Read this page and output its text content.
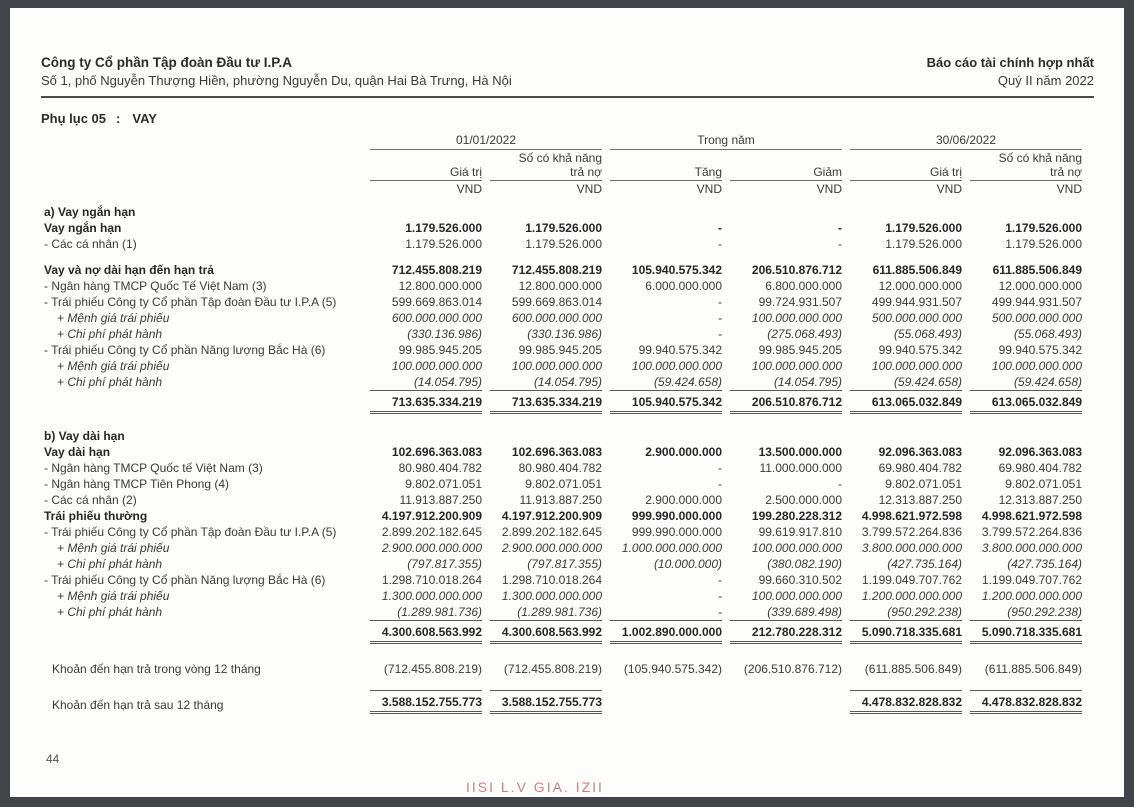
Công ty Cổ phần Tập đoàn Đầu tư I.P.A
Số 1, phố Nguyễn Thượng Hiền, phường Nguyễn Du, quận Hai Bà Trưng, Hà Nội
Báo cáo tài chính hợp nhất
Quý II năm 2022
Phụ lục 05 : VAY
	01/01/2022		Trong năm		30/06/2022	
		Số có khả năng				Số có khả năng
	Giá trị	trả nợ	Tăng	Giảm	Giá trị	trả nợ
	VND	VND	VND	VND	VND	VND

a) Vay ngắn hạn						
Vay ngắn hạn	1.179.526.000	1.179.526.000	-	-	1.179.526.000	1.179.526.000
- Các cá nhân (1)	1.179.526.000	1.179.526.000	-	-	1.179.526.000	1.179.526.000

Vay và nợ dài hạn đến hạn trả	712.455.808.219	712.455.808.219	105.940.575.342	206.510.876.712	611.885.506.849	611.885.506.849
- Ngân hàng TMCP Quốc Tế Việt Nam (3)	12.800.000.000	12.800.000.000	6.000.000.000	6.800.000.000	12.000.000.000	12.000.000.000
- Trái phiếu Công ty Cổ phần Tập đoàn Đầu tư I.P.A (5)	599.669.863.014	599.669.863.014	-	99.724.931.507	499.944.931.507	499.944.931.507
+ Mệnh giá trái phiếu	600.000.000.000	600.000.000.000	-	100.000.000.000	500.000.000.000	500.000.000.000
+ Chi phí phát hành	(330.136.986)	(330.136.986)	-	(275.068.493)	(55.068.493)	(55.068.493)
- Trái phiếu Công ty Cổ phần Năng lượng Bắc Hà (6)	99.985.945.205	99.985.945.205	99.940.575.342	99.985.945.205	99.940.575.342	99.940.575.342
+ Mệnh giá trái phiếu	100.000.000.000	100.000.000.000	100.000.000.000	100.000.000.000	100.000.000.000	100.000.000.000
+ Chi phí phát hành	(14.054.795)	(14.054.795)	(59.424.658)	(14.054.795)	(59.424.658)	(59.424.658)
	713.635.334.219	713.635.334.219	105.940.575.342	206.510.876.712	613.065.032.849	613.065.032.849

b) Vay dài hạn						
Vay dài hạn	102.696.363.083	102.696.363.083	2.900.000.000	13.500.000.000	92.096.363.083	92.096.363.083
- Ngân hàng TMCP Quốc tế Việt Nam (3)	80.980.404.782	80.980.404.782	-	11.000.000.000	69.980.404.782	69.980.404.782
- Ngân hàng TMCP Tiên Phong (4)	9.802.071.051	9.802.071.051	-	-	9.802.071.051	9.802.071.051
- Các cá nhân (2)	11.913.887.250	11.913.887.250	2.900.000.000	2.500.000.000	12.313.887.250	12.313.887.250
Trái phiếu thường	4.197.912.200.909	4.197.912.200.909	999.990.000.000	199.280.228.312	4.998.621.972.598	4.998.621.972.598
- Trái phiếu Công ty Cổ phần Tập đoàn Đầu tư I.P.A (5)	2.899.202.182.645	2.899.202.182.645	999.990.000.000	99.619.917.810	3.799.572.264.836	3.799.572.264.836
+ Mệnh giá trái phiếu	2.900.000.000.000	2.900.000.000.000	1.000.000.000.000	100.000.000.000	3.800.000.000.000	3.800.000.000.000
+ Chi phí phát hành	(797.817.355)	(797.817.355)	(10.000.000)	(380.082.190)	(427.735.164)	(427.735.164)
- Trái phiếu Công ty Cổ phần Năng lượng Bắc Hà (6)	1.298.710.018.264	1.298.710.018.264	-	99.660.310.502	1.199.049.707.762	1.199.049.707.762
+ Mệnh giá trái phiếu	1.300.000.000.000	1.300.000.000.000	-	100.000.000.000	1.200.000.000.000	1.200.000.000.000
+ Chi phí phát hành	(1.289.981.736)	(1.289.981.736)	-	(339.689.498)	(950.292.238)	(950.292.238)
	4.300.608.563.992	4.300.608.563.992	1.002.890.000.000	212.780.228.312	5.090.718.335.681	5.090.718.335.681

Khoản đến hạn trả trong vòng 12 tháng	(712.455.808.219)	(712.455.808.219)	(105.940.575.342)	(206.510.876.712)	(611.885.506.849)	(611.885.506.849)

Khoản đến hạn trả sau 12 tháng	3.588.152.755.773	3.588.152.755.773			4.478.832.828.832	4.478.832.828.832
44
IISI L.V GIA. IZII
